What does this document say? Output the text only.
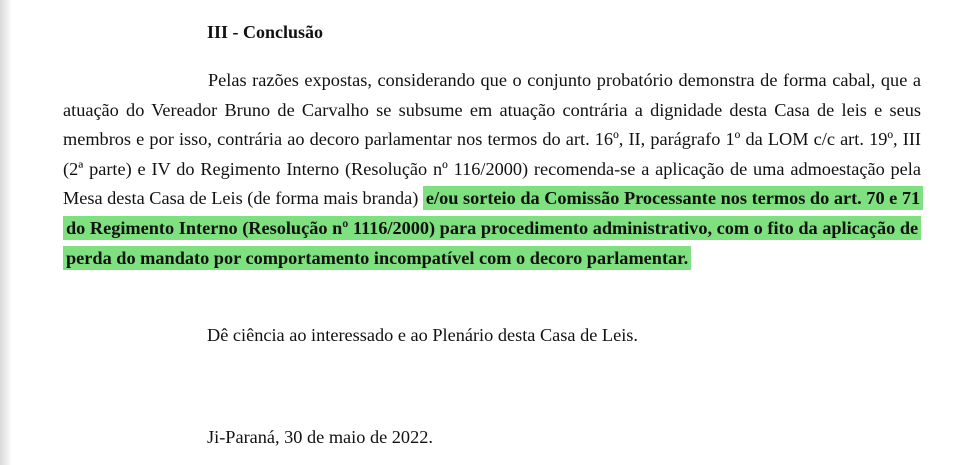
III - Conclusão

Pelas razões expostas, considerando que o conjunto probatório demonstra de forma cabal, que a atuação do Vereador Bruno de Carvalho se subsume em atuação contrária a dignidade desta Casa de leis e seus membros e por isso, contrária ao decoro parlamentar nos termos do art. 16º, II, parágrafo 1º da LOM c/c art. 19º, III (2ª parte) e IV do Regimento Interno (Resolução nº 116/2000) recomenda-se a aplicação de uma admoestação pela Mesa desta Casa de Leis (de forma mais branda) e/ou sorteio da Comissão Processante nos termos do art. 70 e 71 do Regimento Interno (Resolução nº 1116/2000) para procedimento administrativo, com o fito da aplicação de perda do mandato por comportamento incompatível com o decoro parlamentar.

Dê ciência ao interessado e ao Plenário desta Casa de Leis.

Ji-Paraná, 30 de maio de 2022.
